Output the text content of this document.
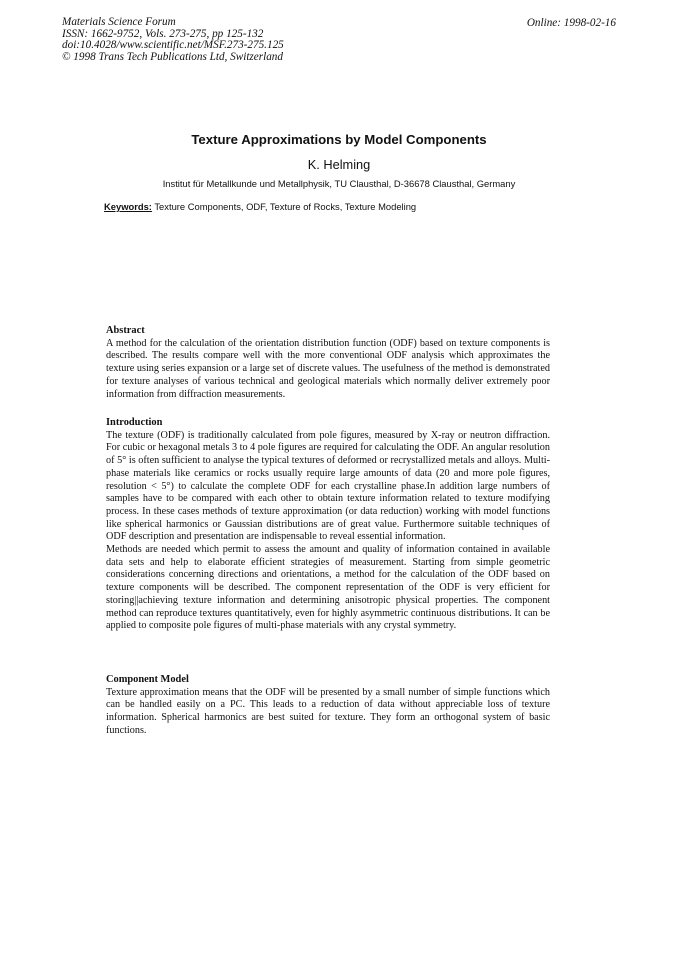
Materials Science Forum
ISSN: 1662-9752, Vols. 273-275, pp 125-132
doi:10.4028/www.scientific.net/MSF.273-275.125
© 1998 Trans Tech Publications Ltd, Switzerland
Online: 1998-02-16
Texture Approximations by Model Components
K. Helming
Institut für Metallkunde und Metallphysik, TU Clausthal, D-36678 Clausthal, Germany
Keywords: Texture Components, ODF, Texture of Rocks, Texture Modeling
Abstract

A method for the calculation of the orientation distribution function (ODF) based on texture components is described. The results compare well with the more conventional ODF analysis which approximates the texture using series expansion or a large set of discrete values. The usefulness of the method is demonstrated for texture analyses of various technical and geological materials which normally deliver extremely poor information from diffraction measurements.

Introduction

The texture (ODF) is traditionally calculated from pole figures, measured by X-ray or neutron diffraction. For cubic or hexagonal metals 3 to 4 pole figures are required for calculating the ODF. An angular resolution of 5° is often sufficient to analyse the typical textures of deformed or recrystallized metals and alloys. Multi-phase materials like ceramics or rocks usually require large amounts of data (20 and more pole figures, resolution < 5°) to calculate the complete ODF for each crystalline phase.In addition large numbers of samples have to be compared with each other to obtain texture information related to texture modifying process. In these cases methods of texture approximation (or data reduction) working with model functions like spherical harmonics or Gaussian distributions are of great value. Furthermore suitable techniques of ODF description and presentation are indispensable to reveal essential information.

Methods are needed which permit to assess the amount and quality of information contained in available data sets and help to elaborate efficient strategies of measurement. Starting from simple geometric considerations concerning directions and orientations, a method for the calculation of the ODF based on texture components will be described. The component representation of the ODF is very efficient for storing||achieving texture information and determining anisotropic physical properties. The component method can reproduce textures quantitatively, even for highly asymmetric continuous distributions. It can be applied to composite pole figures of multi-phase materials with any crystal symmetry.

Component Model

Texture approximation means that the ODF will be presented by a small number of simple functions which can be handled easily on a PC. This leads to a reduction of data without appreciable loss of texture information. Spherical harmonics are best suited for texture. They form an orthogonal system of basic functions.
